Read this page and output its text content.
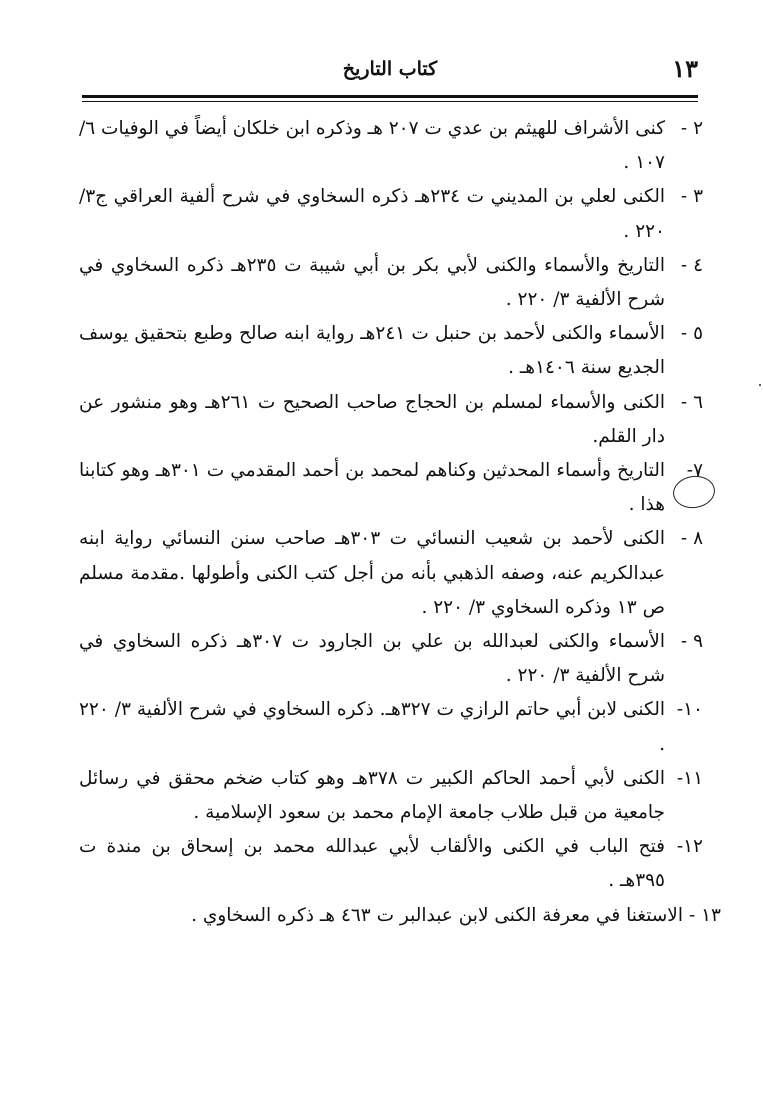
كتاب التاريخ	١٣

٢ -كنى الأشراف للهيثم بن عدي ت ٢٠٧ هـ وذكره ابن خلكان أيضاً في الوفيات ٦/ ١٠٧ .

٣ -الكنى لعلي بن المديني ت ٢٣٤هـ ذكره السخاوي في شرح ألفية العراقي ج٣/ ٢٢٠ .

٤ -التاريخ والأسماء والكنى لأبي بكر بن أبي شيبة ت ٢٣٥هـ ذكره السخاوي في شرح الألفية ٣/ ٢٢٠ .

٥ -الأسماء والكنى لأحمد بن حنبل ت ٢٤١هـ رواية ابنه صالح وطبع بتحقيق يوسف الجديع سنة ١٤٠٦هـ .

٦ -الكنى والأسماء لمسلم بن الحجاج صاحب الصحيح ت ٢٦١هـ وهو منشور عن دار القلم.

٧-التاريخ وأسماء المحدثين وكناهم لمحمد بن أحمد المقدمي ت ٣٠١هـ وهو كتابنا هذا .

٨ -الكنى لأحمد بن شعيب النسائي ت ٣٠٣هـ صاحب سنن النسائي رواية ابنه عبدالكريم عنه، وصفه الذهبي بأنه من أجل كتب الكنى وأطولها .مقدمة مسلم ص ١٣ وذكره السخاوي ٣/ ٢٢٠ .

٩ -الأسماء والكنى لعبدالله بن علي بن الجارود ت ٣٠٧هـ ذكره السخاوي في شرح الألفية ٣/ ٢٢٠ .

١٠-الكنى لابن أبي حاتم الرازي ت ٣٢٧هـ. ذكره السخاوي في شرح الألفية ٣/ ٢٢٠ .

١١-الكنى لأبي أحمد الحاكم الكبير ت ٣٧٨هـ وهو كتاب ضخم محقق في رسائل جامعية من قبل طلاب جامعة الإمام محمد بن سعود الإسلامية .

١٢-فتح الباب في الكنى والألقاب لأبي عبدالله محمد بن إسحاق بن مندة ت ٣٩٥هـ .

١٣ -الاستغنا في معرفة الكنى لابن عبدالبر ت ٤٦٣ هـ ذكره السخاوي .
